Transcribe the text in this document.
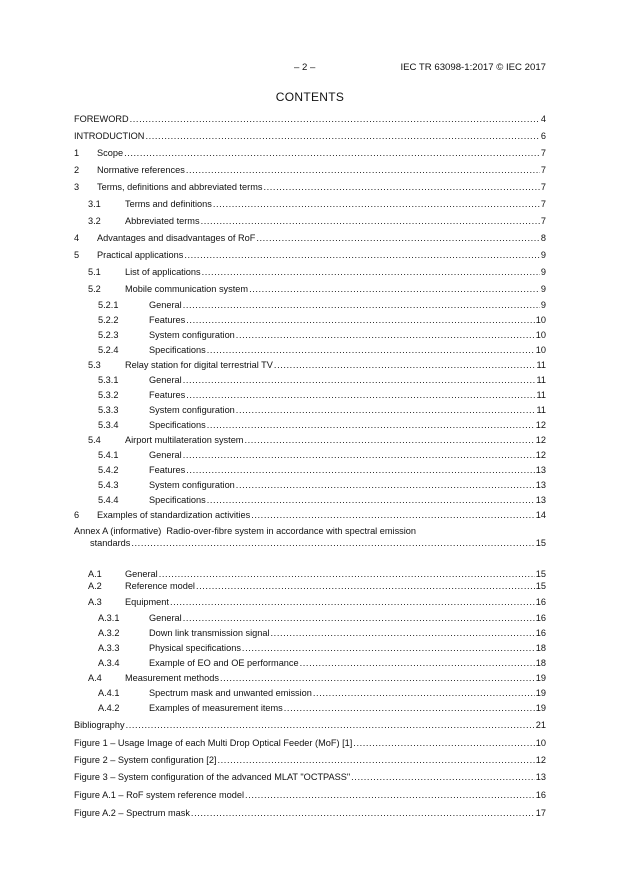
– 2 –	IEC TR 63098-1:2017 © IEC 2017
CONTENTS
FOREWORD .....	4
INTRODUCTION .....	6
1	Scope .....	7
2	Normative references .....	7
3	Terms, definitions and abbreviated terms .....	7
3.1	Terms and definitions .....	7
3.2	Abbreviated terms .....	7
4	Advantages and disadvantages of RoF .....	8
5	Practical applications .....	9
5.1	List of applications .....	9
5.2	Mobile communication system .....	9
5.2.1	General .....	9
5.2.2	Features .....	10
5.2.3	System configuration .....	10
5.2.4	Specifications .....	10
5.3	Relay station for digital terrestrial TV .....	11
5.3.1	General .....	11
5.3.2	Features .....	11
5.3.3	System configuration .....	11
5.3.4	Specifications .....	12
5.4	Airport multilateration system .....	12
5.4.1	General .....	12
5.4.2	Features .....	13
5.4.3	System configuration .....	13
5.4.4	Specifications .....	13
6	Examples of standardization activities .....	14
Annex A (informative) Radio-over-fibre system in accordance with spectral emission
standards .....	15
A.1	General .....	15
A.2	Reference model .....	15
A.3	Equipment .....	16
A.3.1	General .....	16
A.3.2	Down link transmission signal .....	16
A.3.3	Physical specifications .....	18
A.3.4	Example of EO and OE performance .....	18
A.4	Measurement methods .....	19
A.4.1	Spectrum mask and unwanted emission .....	19
A.4.2	Examples of measurement items .....	19
Bibliography .....	21
Figure 1 – Usage Image of each Multi Drop Optical Feeder (MoF) [1] .....	10
Figure 2 – System configuration [2] .....	12
Figure 3 – System configuration of the advanced MLAT "OCTPASS" .....	13
Figure A.1 – RoF system reference model .....	16
Figure A.2 – Spectrum mask .....	17
